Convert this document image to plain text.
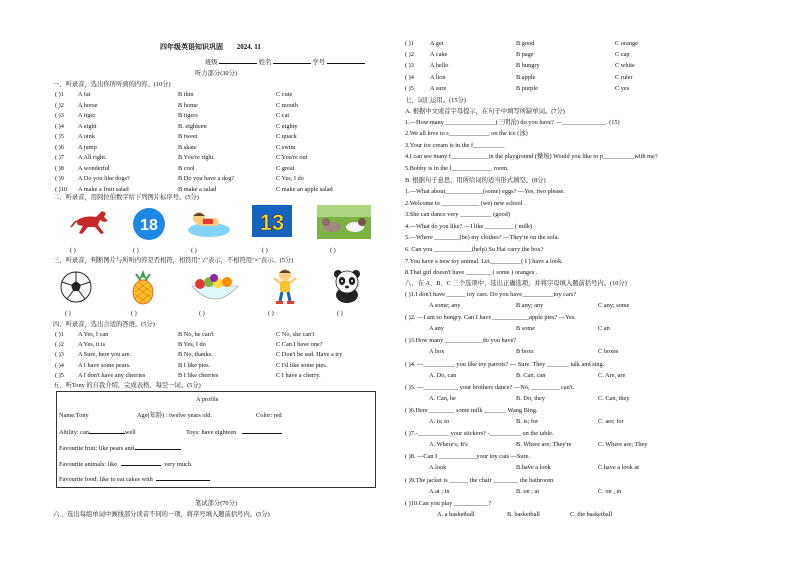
四年级英语知识巩固 2024. 11
班级	姓名	学号
听力部分(30分)
一、听录音，选出你所听到的内容。(10分)
( )1 A fat	B thin	C cute
( )2 A horse	B home	C mouth
( )3 A tiger	B tigers	C cat
( )4 A eight	B. eighteen	C eighty
( )5 A oink	B tweet	C quack
( )6 A jump	B skate	C swim
( )7 A All right.	B You're right.	C You're out
( )8 A wonderful	B cool	C great
( )9 A Do you like dogs?	B Do you have a dog?	C Yes, I do
( )10 A make a fruit salad	B make a salad	C make an apple salad
二、听录音，用阿拉伯数字给下列图片标序号。(5分)
18	13
( )	( )	( )	( )	( )
三、听录音，判断图片与所听内容是否相符，相符用" √"表示，不相符用"×"表示。(5分)
( )	( )	( )	( )	( )
四、听录音，选出合适的答语。(5分)
( )1 A Yes, I can	B No, he can't	C No, she can't
( )2 A Yes, it is	B Yes, I do	C Can I have one?
( )3 A Sure, here you are.	B No, thanks.	C Don't be sad. Have a try
( )4 A I have some pears.	B I like pies.	C I'd like some pies.
( )5 A I don't have any cherries	B I like cherries	C I have a cherry.
五、听Tony 的自我介绍，完成表格，每空一词。(5分)
A profile
Name:Tony	Age(年龄) : twelve years old.	Color: red
Ability: can	well	Toys: have eighteen
Favourite fruit: like pears and
Favourite animals: like	very much.
Favourite food: like to eat cakes with
笔试部分(70分)
六 、选出每组单词中画线部分读音不同的一项，将序号填入题前括号内。(5分)
( )1	A get	B good	C orange
( )2	A cake	B page	C cap
( )3	A hello	B hungry	C white
( )4	A lion	B apple	C ruler
( )5	A sure	B purple	C yes
七、词汇运用。(15分)
A. 根据中文或首字母提示，在句子中填写所缺单词。(7分)
1.—How many ________________(三明治) do you have? —______________. (15)
2.We all love to s_____________ on the ice (冰)
3.Your ice cream is in the f__________
4.I can see many f____________in the playground (操场) Would you like to p__________with me?
5.Bobby is in the l_____________ room.
B. 根据句子意思，用所给词的适当形式填空。(8分)
1.—What about____________(some) eggs? —Yes, two please.
2.Welcome to ____________ (we) new school .
3.She can dance very __________ (good)
4.—What do you like? —I like _________ ( milk)
5.—Where ________(be) my clothes? —They're on the sofa.
6. Can you ____________(help) Su Hai carry the box?
7.You have a new toy animal. Let__________( I ) have a look.
8.That girl doesn't have ________ ( some ) oranges .
八、在 A、B、C 三个选项中，选出正确选项，并将字母填入题前括号内。(10分)
( )1.I don't have ______ toy cars. Do you have__________toy cars?
A some; any	B any; any	C any; some
( )2. —I am so hungry. Can I have____________apple pies? —Yes.
A any	B some	C an
( )3.How many ____________do you have?
A box	B boxs	C boxes
( )4. —__________ you like toy parrots? --- Sure. They _______ talk and sing.
A. Do, can	B. Can, can	C. Are, are
( )5. —___________ your brothers dance? —No, _________ can't.
A. Can, he	B. Do, they	C. Can, they
( )6.Here ________ some milk _______ Wang Bing.
A. is; to	B. is; for	C. are; for
( )7.-__________ your stickers? -__________ on the table.
A. Where's; It's	B. Where are; They're	C. Where are; They
( )8. —Can I ____________your toy cats —Sure.
A.look	B.have a look	C.have a look at
( )9.The jacket is ______ the chair ________ the bathroom
A.at ; in	B. on ; at	C. on , in
( )10.Can you play ___________?
A. a basketball	B. basketball	C. the basketball
